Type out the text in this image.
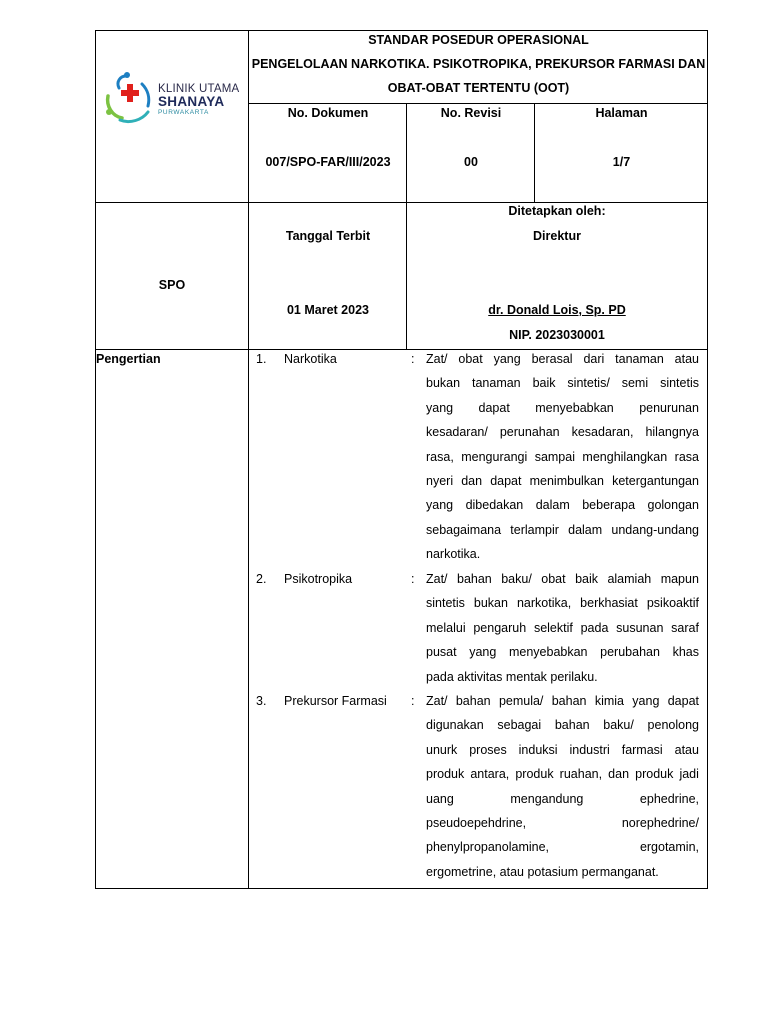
KLINIK UTAMA
SHANAYA
PURWAKARTA
STANDAR POSEDUR OPERASIONAL
PENGELOLAAN NARKOTIKA. PSIKOTROPIKA, PREKURSOR FARMASI DAN
OBAT-OBAT TERTENTU (OOT)
No. Dokumen	No. Revisi	Halaman
007/SPO-FAR/III/2023	00	1/7
SPO
Tanggal Terbit
01 Maret 2023
Ditetapkan oleh:
Direktur
dr. Donald Lois, Sp. PD
NIP. 2023030001
Pengertian	1. Narkotika	: Zat/ obat yang berasal dari tanaman atau
bukan tanaman baik sintetis/ semi sintetis
yang dapat menyebabkan penurunan
kesadaran/ perunahan kesadaran, hilangnya
rasa, mengurangi sampai menghilangkan rasa
nyeri dan dapat menimbulkan ketergantungan
yang dibedakan dalam beberapa golongan
sebagaimana terlampir dalam undang-undang
narkotika.
2. Psikotropika	: Zat/ bahan baku/ obat baik alamiah mapun
sintetis bukan narkotika, berkhasiat psikoaktif
melalui pengaruh selektif pada susunan saraf
pusat yang menyebabkan perubahan khas
pada aktivitas mentak perilaku.
3. Prekursor Farmasi : Zat/ bahan pemula/ bahan kimia yang dapat
digunakan sebagai bahan baku/ penolong
unurk proses induksi industri farmasi atau
produk antara, produk ruahan, dan produk jadi
uang	mengandung	ephedrine,
pseudoepehdrine,	norephedrine/
phenylpropanolamine,	ergotamin,
ergometrine, atau potasium permanganat.
